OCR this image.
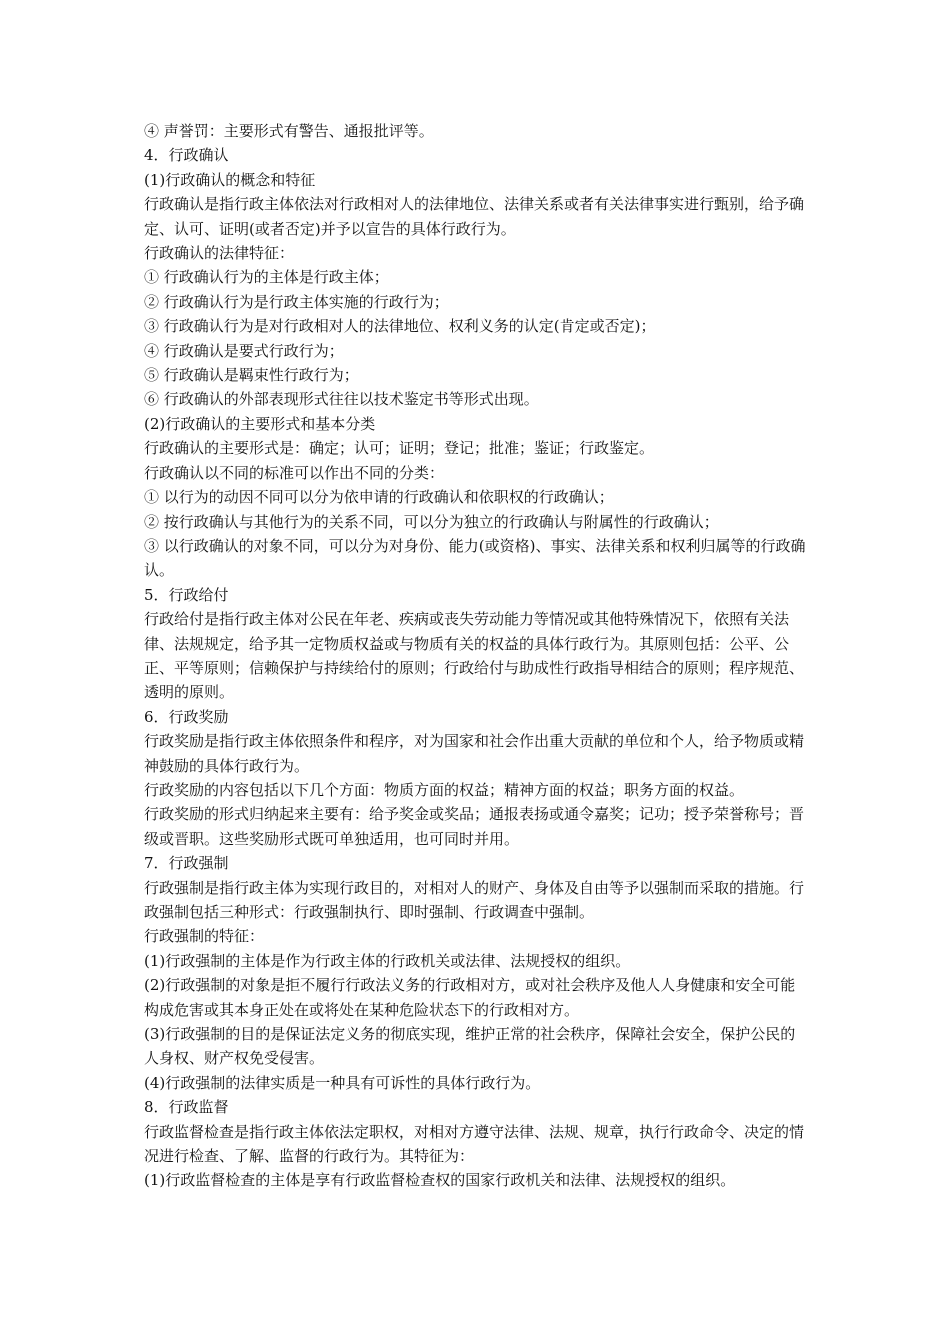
④ 声誉罚：主要形式有警告、通报批评等。

4．行政确认

(1)行政确认的概念和特征

行政确认是指行政主体依法对行政相对人的法律地位、法律关系或者有关法律事实进行甄别，给予确定、认可、证明(或者否定)并予以宣告的具体行政行为。

行政确认的法律特征：

① 行政确认行为的主体是行政主体；

② 行政确认行为是行政主体实施的行政行为；

③ 行政确认行为是对行政相对人的法律地位、权利义务的认定(肯定或否定)；

④ 行政确认是要式行政行为；

⑤ 行政确认是羁束性行政行为；

⑥ 行政确认的外部表现形式往往以技术鉴定书等形式出现。

(2)行政确认的主要形式和基本分类

行政确认的主要形式是：确定；认可；证明；登记；批准；鉴证；行政鉴定。

行政确认以不同的标准可以作出不同的分类：

① 以行为的动因不同可以分为依申请的行政确认和依职权的行政确认；

② 按行政确认与其他行为的关系不同，可以分为独立的行政确认与附属性的行政确认；

③ 以行政确认的对象不同，可以分为对身份、能力(或资格)、事实、法律关系和权利归属等的行政确认。

5．行政给付

行政给付是指行政主体对公民在年老、疾病或丧失劳动能力等情况或其他特殊情况下，依照有关法律、法规规定，给予其一定物质权益或与物质有关的权益的具体行政行为。其原则包括：公平、公正、平等原则；信赖保护与持续给付的原则；行政给付与助成性行政指导相结合的原则；程序规范、透明的原则。

6．行政奖励

行政奖励是指行政主体依照条件和程序，对为国家和社会作出重大贡献的单位和个人，给予物质或精神鼓励的具体行政行为。

行政奖励的内容包括以下几个方面：物质方面的权益；精神方面的权益；职务方面的权益。

行政奖励的形式归纳起来主要有：给予奖金或奖品；通报表扬或通令嘉奖；记功；授予荣誉称号；晋级或晋职。这些奖励形式既可单独适用，也可同时并用。

7．行政强制

行政强制是指行政主体为实现行政目的，对相对人的财产、身体及自由等予以强制而采取的措施。行政强制包括三种形式：行政强制执行、即时强制、行政调查中强制。

行政强制的特征：

(1)行政强制的主体是作为行政主体的行政机关或法律、法规授权的组织。

(2)行政强制的对象是拒不履行行政法义务的行政相对方，或对社会秩序及他人人身健康和安全可能构成危害或其本身正处在或将处在某种危险状态下的行政相对方。

(3)行政强制的目的是保证法定义务的彻底实现，维护正常的社会秩序，保障社会安全，保护公民的人身权、财产权免受侵害。

(4)行政强制的法律实质是一种具有可诉性的具体行政行为。

8．行政监督

行政监督检查是指行政主体依法定职权，对相对方遵守法律、法规、规章，执行行政命令、决定的情况进行检查、了解、监督的行政行为。其特征为：

(1)行政监督检查的主体是享有行政监督检查权的国家行政机关和法律、法规授权的组织。
